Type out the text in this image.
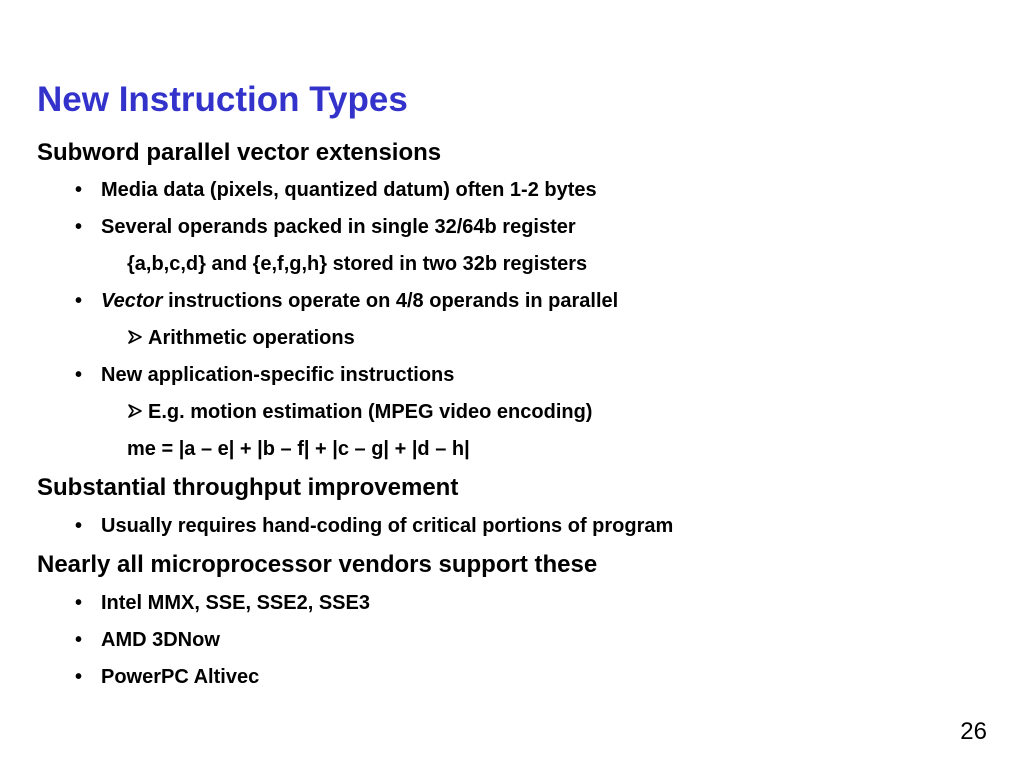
New Instruction Types
Subword parallel vector extensions
• Media data (pixels, quantized datum) often 1-2 bytes
• Several operands packed in single 32/64b register
{a,b,c,d} and {e,f,g,h} stored in two 32b registers
• Vector instructions operate on 4/8 operands in parallel
Arithmetic operations
• New application-specific instructions
E.g. motion estimation (MPEG video encoding)
me = |a – e| + |b – f| + |c – g| + |d – h|
Substantial throughput improvement
• Usually requires hand-coding of critical portions of program
Nearly all microprocessor vendors support these
• Intel MMX, SSE, SSE2, SSE3
• AMD 3DNow
• PowerPC Altivec
26
